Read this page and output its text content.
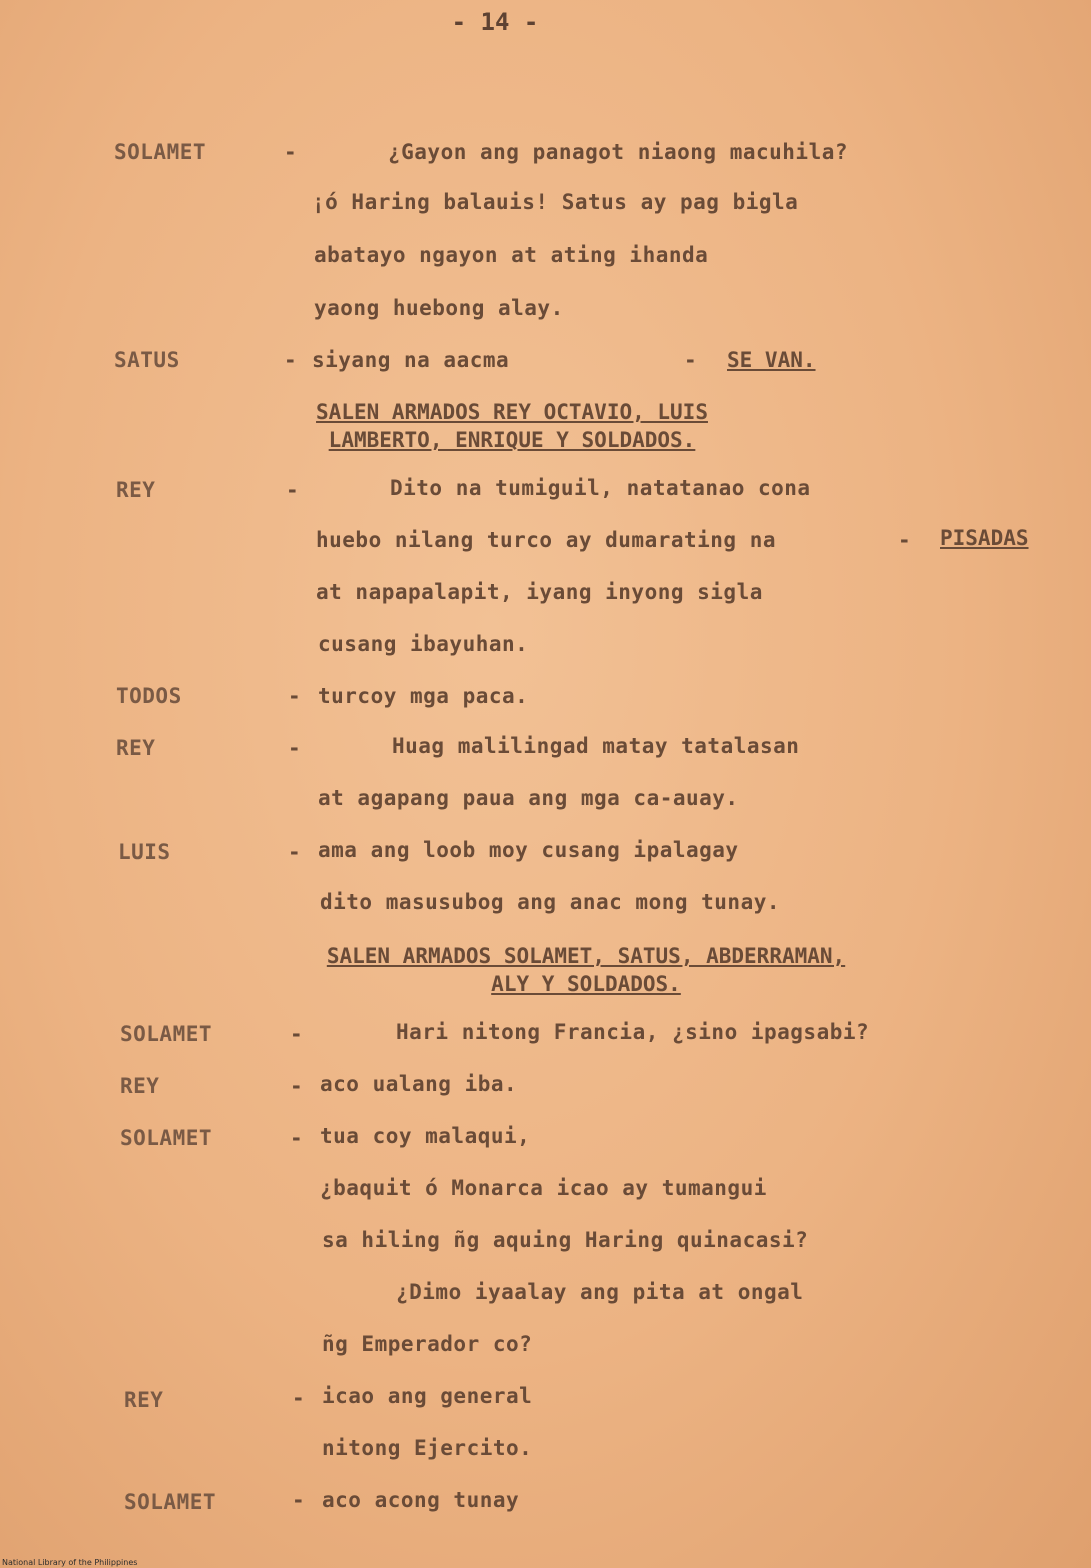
- 14 -
SOLAMET	-	¿Gayon ang panagot niaong macuhila?
¡ó Haring balauis! Satus ay pag bigla
abatayo ngayon at ating ihanda
yaong huebong alay.
SATUS	- siyang na aacma	- SE VAN.
SALEN ARMADOS REY OCTAVIO, LUIS
LAMBERTO, ENRIQUE Y SOLDADOS.
REY	-	Dito na tumiguil, natatanao cona
huebo nilang turco ay dumarating na	- PISADAS
at napapalapit, iyang inyong sigla
cusang ibayuhan.
TODOS	- turcoy mga paca.
REY	-	Huag malilingad matay tatalasan
at agapang paua ang mga ca-auay.
LUIS	- ama ang loob moy cusang ipalagay
dito masusubog ang anac mong tunay.
SALEN ARMADOS SOLAMET, SATUS, ABDERRAMAN,
ALY Y SOLDADOS.
SOLAMET	-	Hari nitong Francia, ¿sino ipagsabi?
REY	- aco ualang iba.
SOLAMET	- tua coy malaqui,
¿baquit ó Monarca icao ay tumangui
sa hiling ñg aquing Haring quinacasi?
¿Dimo iyaalay ang pita at ongal
ñg Emperador co?
REY	- icao ang general
nitong Ejercito.
SOLAMET	- aco acong tunay
National Library of the Philippines
